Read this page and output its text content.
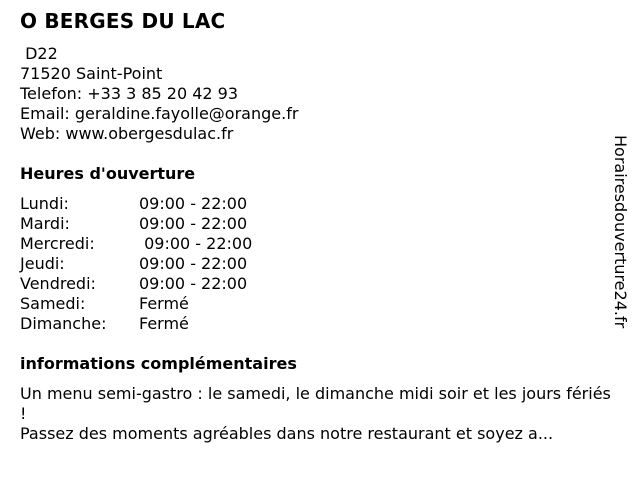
O BERGES DU LAC
D22
71520 Saint-Point
Telefon: +33 3 85 20 42 93
Email: geraldine.fayolle@orange.fr
Web: www.obergesdulac.fr
Heures d'ouverture
Lundi:	09:00 - 22:00
Mardi:	09:00 - 22:00
Mercredi:	09:00 - 22:00
Jeudi:	09:00 - 22:00
Vendredi:	09:00 - 22:00
Samedi:	Fermé
Dimanche:	Fermé
informations complémentaires
Un menu semi-gastro : le samedi, le dimanche midi soir et les jours fériés !
Passez des moments agréables dans notre restaurant et soyez a...
Horairesdouverture24.fr
